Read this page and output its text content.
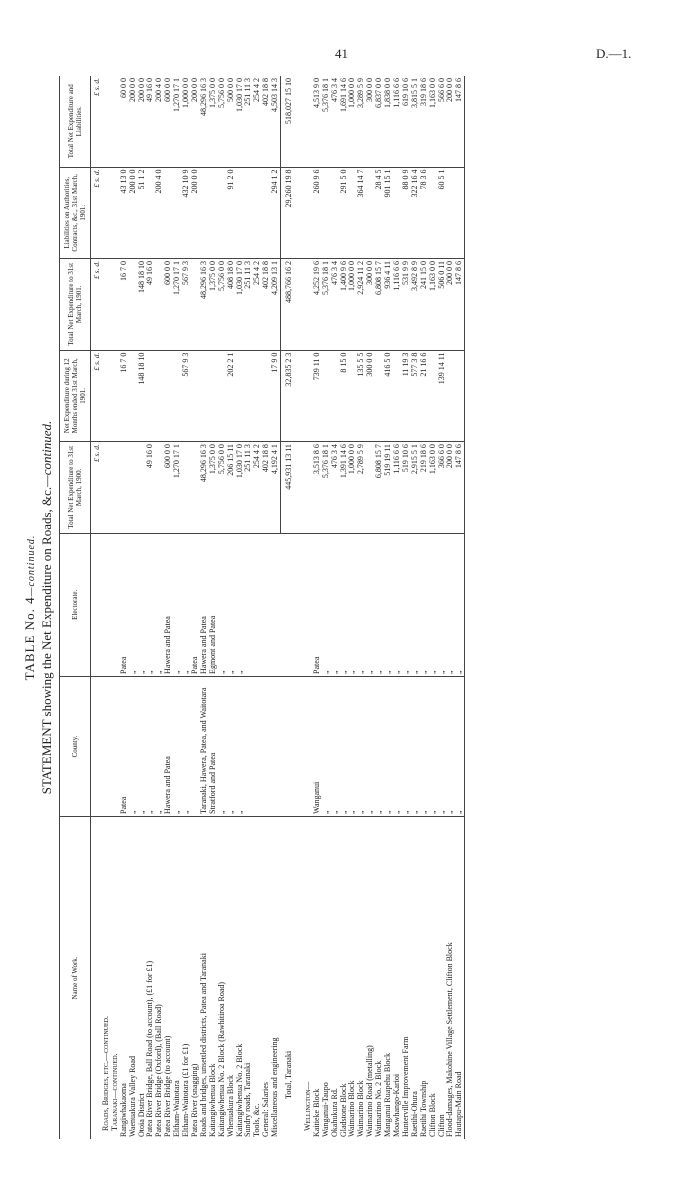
41	D.—1.
TABLE No. 4—continued. STATEMENT showing the Net Expenditure on Roads, &c.—continued.
Name of Work.	County.	Electorate.	Total Net Expenditure to 31st March, 1900.	Net Expenditure during 12 Months ended 31st March, 1901.	Total Net Expenditure to 31st March, 1901.	Liabilities on Authorities, Contracts, &c., 31st March, 1901.	Total Net Expenditure and Liabilities.
			£ s. d.	£ s. d.	£ s. d.	£ s. d.	£ s. d.
Roads, Bridges, etc.—continued.							
Taranaki—continued.							
Rangiwhakaoma	Patea	Patea		16 7 0	16 7 0	43 13 0	60 0 0
Waenuakura Valley Road	„	„				200 0 0	200 0 0
Otoia District	„	„		148 18 10	148 18 10	51 1 2	200 0 0
Patea River Bridge, Ball Road (to account), (£1 for £1)	„	„	49 16 0		49 16 0		49 16 0
Patea River Bridge (Oxford), (Ball Road)	„	„				200 4 0	200 4 0
Patea River Bridge (to account)	Hawera and Patea	Hawera and Patea	600 0 0		600 0 0		600 0 0
Eltham-Waitotara	„	„	1,270 17 1		1,270 17 1		1,270 17 1
Eltham-Waitotara (£1 for £1)	„	„		567 9 3	567 9 3	432 10 9	1,000 0 0
Patea River (snagging)		Patea				200 0 0	200 0 0
Roads and bridges, unsettled districts, Patea and Taranaki	Taranaki, Hawera, Patea, and Waitotara	Hawera and Patea	48,296 16 3		48,296 16 3		48,296 16 3
Kaitangiwhenua Block	Stratford and Patea	Egmont and Patea	1,375 0 0		1,375 0 0		1,375 0 0
Kaitangiwhenua No. 2 Block (Rawhitiroa Road)	„	„	5,756 0 0		5,756 0 0		5,756 0 0
Whenuakura Block	„	„	206 15 11	202 2 1	408 18 0	91 2 0	500 0 0
Kaitangiwhenua No. 2 Block	„	„	1,030 17 0		1,030 17 0		1,030 17 0
Sundry roads, Taranaki			251 11 3		251 11 3		251 11 3
Tools, &c.			254 4 2		254 4 2		254 4 2
General: Salaries			402 18 8		402 18 8		402 18 8
Miscellaneous and engineering			4,192 4 1	17 9 0	4,209 13 1	294 1 2	4,503 14 3
Total, Taranaki			445,931 13 11	32,835 2 3	488,766 16 2	29,260 19 8	518,027 15 10

Wellington—							
Kaitieke Block	Wanganui	Patea	3,513 8 6	739 11 0	4,252 19 6	260 9 6	4,513 9 0
Wanganui-Taupo	„	„	5,376 18 1		5,376 18 1		5,376 18 1
Okahukura Rd.	„	„	476 3 4		476 3 4		476 3 4
Gladstone Block	„	„	1,391 14 6	8 15 0	1,400 9 6	291 5 0	1,691 14 6
Waimarino Block	„	„	1,000 0 0		1,000 0 0		1,000 0 0
Waimarino Block	„	„	2,789 5 9	135 5 5	2,924 11 2	364 14 7	3,289 5 9
Waimarino Road (metalling)	„	„		300 0 0	300 0 0		300 0 0
Waimarino No. 2 Block	„	„	6,808 15 7		6,808 15 7	28 4 5	6,837 0 0
Manganui Ruapehu Block	„	„	519 19 11	416 5 0	936 4 11	901 15 1	1,838 0 0
Moawhango-Karioi	„	„	1,116 6 6		1,116 6 6		1,116 6 6
Hunterville Improvement Farm	„	„	519 10 6	11 19 3	531 9 9	88 0 9	619 10 6
Raetihi-Ohura	„	„	2,915 5 1	577 3 8	3,492 8 9	322 16 4	3,815 5 1
Raetihi Township	„	„	219 18 6	21 16 6	241 15 0	78 3 6	319 18 6
Clifton Block	„	„	1,163 0 0		1,163 0 0		1,163 0 0
Clifton	„	„	366 6 0	139 14 11	506 0 11	60 5 1	566 6 0
Flood-damages, Makohine Village Settlement, Clifton Block	„	„	200 0 0		200 0 0		200 0 0
Hautapu-Main Road	„	„	147 8 6		147 8 6		147 8 6
